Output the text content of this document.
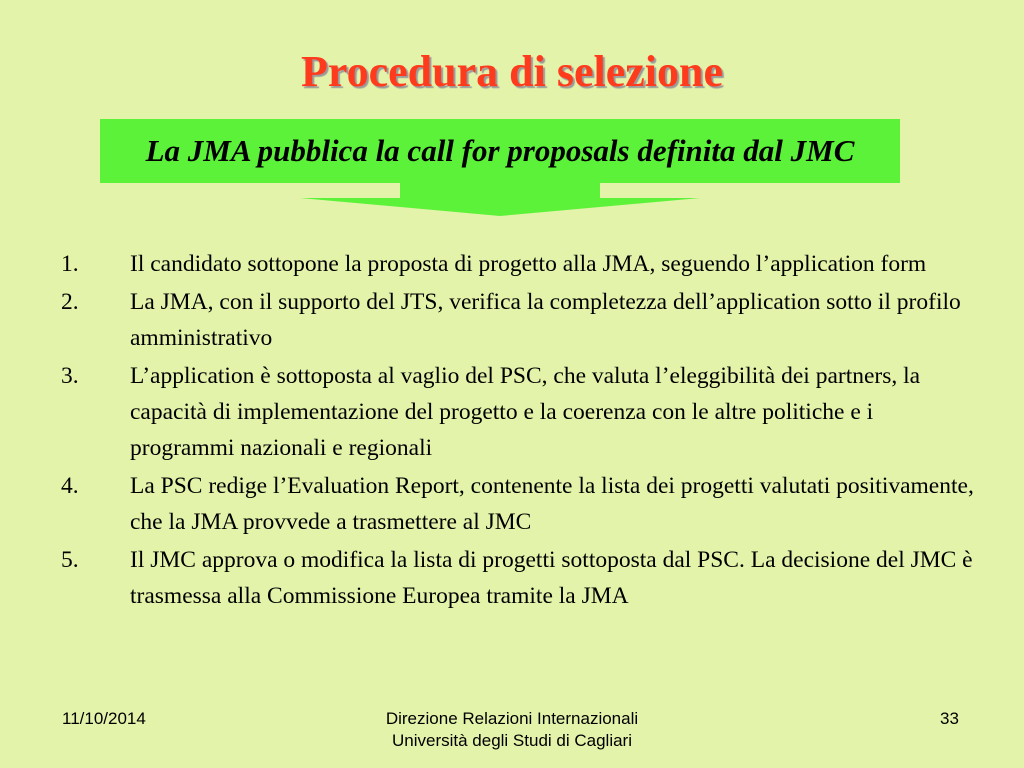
Procedura di selezione
La JMA pubblica la call for proposals definita dal JMC
1. Il candidato sottopone la proposta di progetto alla JMA, seguendo l’application form
2. La JMA, con il supporto del JTS, verifica la completezza dell’application sotto il profilo amministrativo
3. L’application è sottoposta al vaglio del PSC, che valuta l’eleggibilità dei partners, la capacità di implementazione del progetto e la coerenza con le altre politiche e i programmi nazionali e regionali
4. La PSC redige l’Evaluation Report, contenente la lista dei progetti valutati positivamente, che la JMA provvede a trasmettere al JMC
5. Il JMC approva o modifica la lista di progetti sottoposta dal PSC. La decisione del JMC è trasmessa alla Commissione Europea tramite la JMA
11/10/2014	Direzione Relazioni Internazionali
Università degli Studi di Cagliari
33
